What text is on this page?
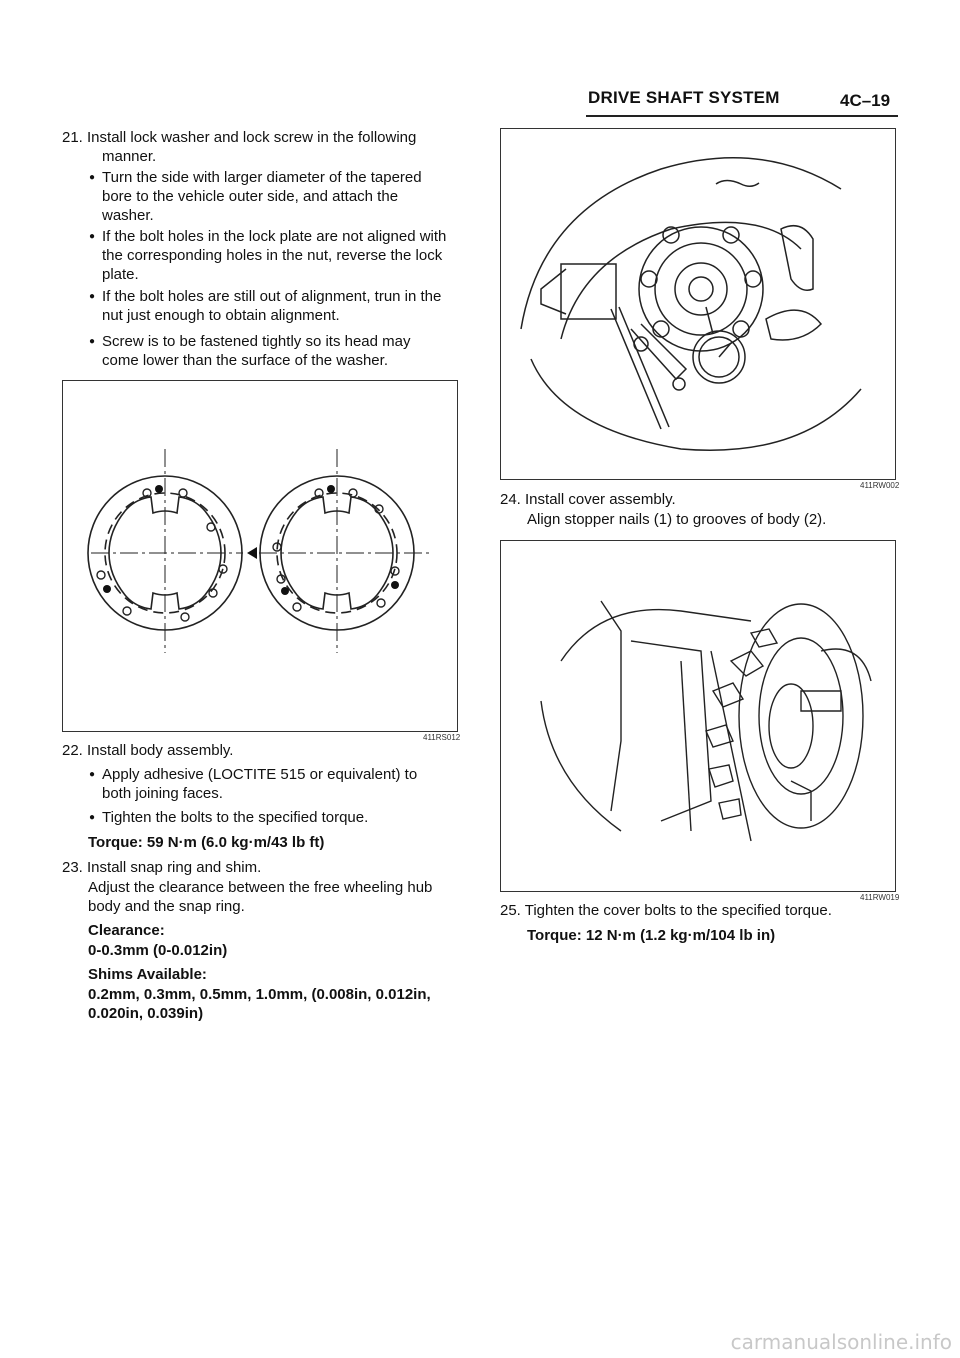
DRIVE SHAFT SYSTEM	4C–19
21. Install lock washer and lock screw in the following
manner.
● Turn the side with larger diameter of the tapered
bore to the vehicle outer side, and attach the
washer.
● If the bolt holes in the lock plate are not aligned with
the corresponding holes in the nut, reverse the lock
plate.
● If the bolt holes are still out of alignment, trun in the
nut just enough to obtain alignment.
● Screw is to be fastened tightly so its head may
come lower than the surface of the washer.
411RS012
22. Install body assembly.
● Apply adhesive (LOCTITE 515 or equivalent) to
both joining faces.
● Tighten the bolts to the specified torque.
Torque: 59 N·m (6.0 kg·m/43 lb ft)
23. Install snap ring and shim.
Adjust the clearance between the free wheeling hub
body and the snap ring.
Clearance:
0-0.3mm (0-0.012in)
Shims Available:
0.2mm, 0.3mm, 0.5mm, 1.0mm, (0.008in, 0.012in,
0.020in, 0.039in)
411RW002
24. Install cover assembly.
Align stopper nails (1) to grooves of body (2).
411RW019
25. Tighten the cover bolts to the specified torque.
Torque: 12 N·m (1.2 kg·m/104 lb in)
carmanualsonline.info
